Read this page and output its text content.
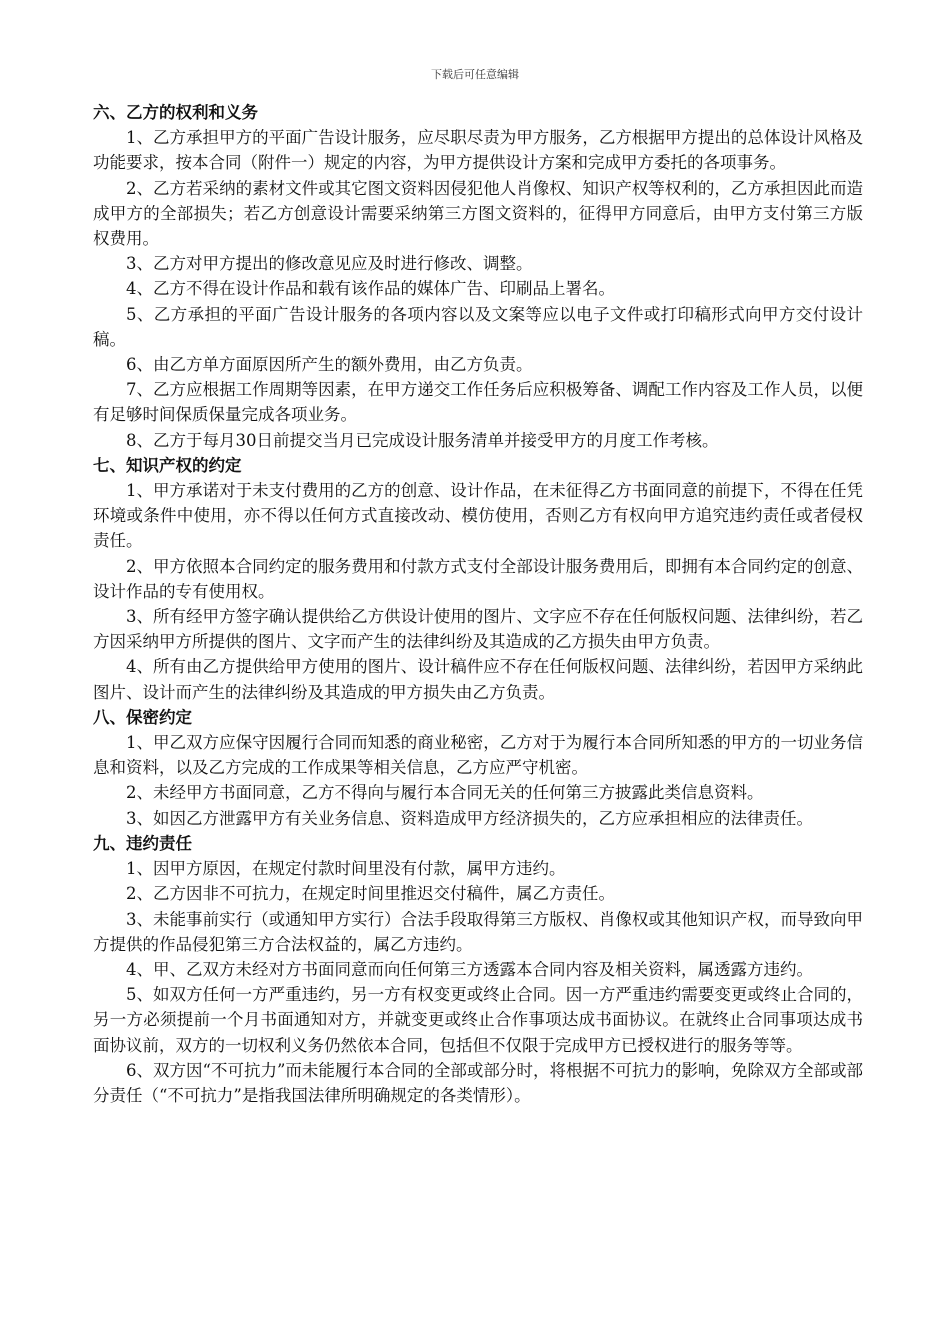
下载后可任意编辑

六、乙方的权利和义务

1、乙方承担甲方的平面广告设计服务，应尽职尽责为甲方服务，乙方根据甲方提出的总体设计风格及功能要求，按本合同（附件一）规定的内容，为甲方提供设计方案和完成甲方委托的各项事务。

2、乙方若采纳的素材文件或其它图文资料因侵犯他人肖像权、知识产权等权利的，乙方承担因此而造成甲方的全部损失；若乙方创意设计需要采纳第三方图文资料的，征得甲方同意后，由甲方支付第三方版权费用。

3、乙方对甲方提出的修改意见应及时进行修改、调整。

4、乙方不得在设计作品和载有该作品的媒体广告、印刷品上署名。

5、乙方承担的平面广告设计服务的各项内容以及文案等应以电子文件或打印稿形式向甲方交付设计稿。

6、由乙方单方面原因所产生的额外费用，由乙方负责。

7、乙方应根据工作周期等因素，在甲方递交工作任务后应积极筹备、调配工作内容及工作人员，以便有足够时间保质保量完成各项业务。

8、乙方于每月30日前提交当月已完成设计服务清单并接受甲方的月度工作考核。

七、知识产权的约定

1、甲方承诺对于未支付费用的乙方的创意、设计作品，在未征得乙方书面同意的前提下，不得在任凭环境或条件中使用，亦不得以任何方式直接改动、模仿使用，否则乙方有权向甲方追究违约责任或者侵权责任。

2、甲方依照本合同约定的服务费用和付款方式支付全部设计服务费用后，即拥有本合同约定的创意、设计作品的专有使用权。

3、所有经甲方签字确认提供给乙方供设计使用的图片、文字应不存在任何版权问题、法律纠纷，若乙方因采纳甲方所提供的图片、文字而产生的法律纠纷及其造成的乙方损失由甲方负责。

4、所有由乙方提供给甲方使用的图片、设计稿件应不存在任何版权问题、法律纠纷，若因甲方采纳此图片、设计而产生的法律纠纷及其造成的甲方损失由乙方负责。

八、保密约定

1、甲乙双方应保守因履行合同而知悉的商业秘密，乙方对于为履行本合同所知悉的甲方的一切业务信息和资料，以及乙方完成的工作成果等相关信息，乙方应严守机密。

2、未经甲方书面同意，乙方不得向与履行本合同无关的任何第三方披露此类信息资料。

3、如因乙方泄露甲方有关业务信息、资料造成甲方经济损失的，乙方应承担相应的法律责任。

九、违约责任

1、因甲方原因，在规定付款时间里没有付款，属甲方违约。

2、乙方因非不可抗力，在规定时间里推迟交付稿件，属乙方责任。

3、未能事前实行（或通知甲方实行）合法手段取得第三方版权、肖像权或其他知识产权，而导致向甲方提供的作品侵犯第三方合法权益的，属乙方违约。

4、甲、乙双方未经对方书面同意而向任何第三方透露本合同内容及相关资料，属透露方违约。

5、如双方任何一方严重违约，另一方有权变更或终止合同。因一方严重违约需要变更或终止合同的，另一方必须提前一个月书面通知对方，并就变更或终止合作事项达成书面协议。在就终止合同事项达成书面协议前，双方的一切权利义务仍然依本合同，包括但不仅限于完成甲方已授权进行的服务等等。

6、双方因“不可抗力”而未能履行本合同的全部或部分时，将根据不可抗力的影响，免除双方全部或部分责任（“不可抗力”是指我国法律所明确规定的各类情形）。
